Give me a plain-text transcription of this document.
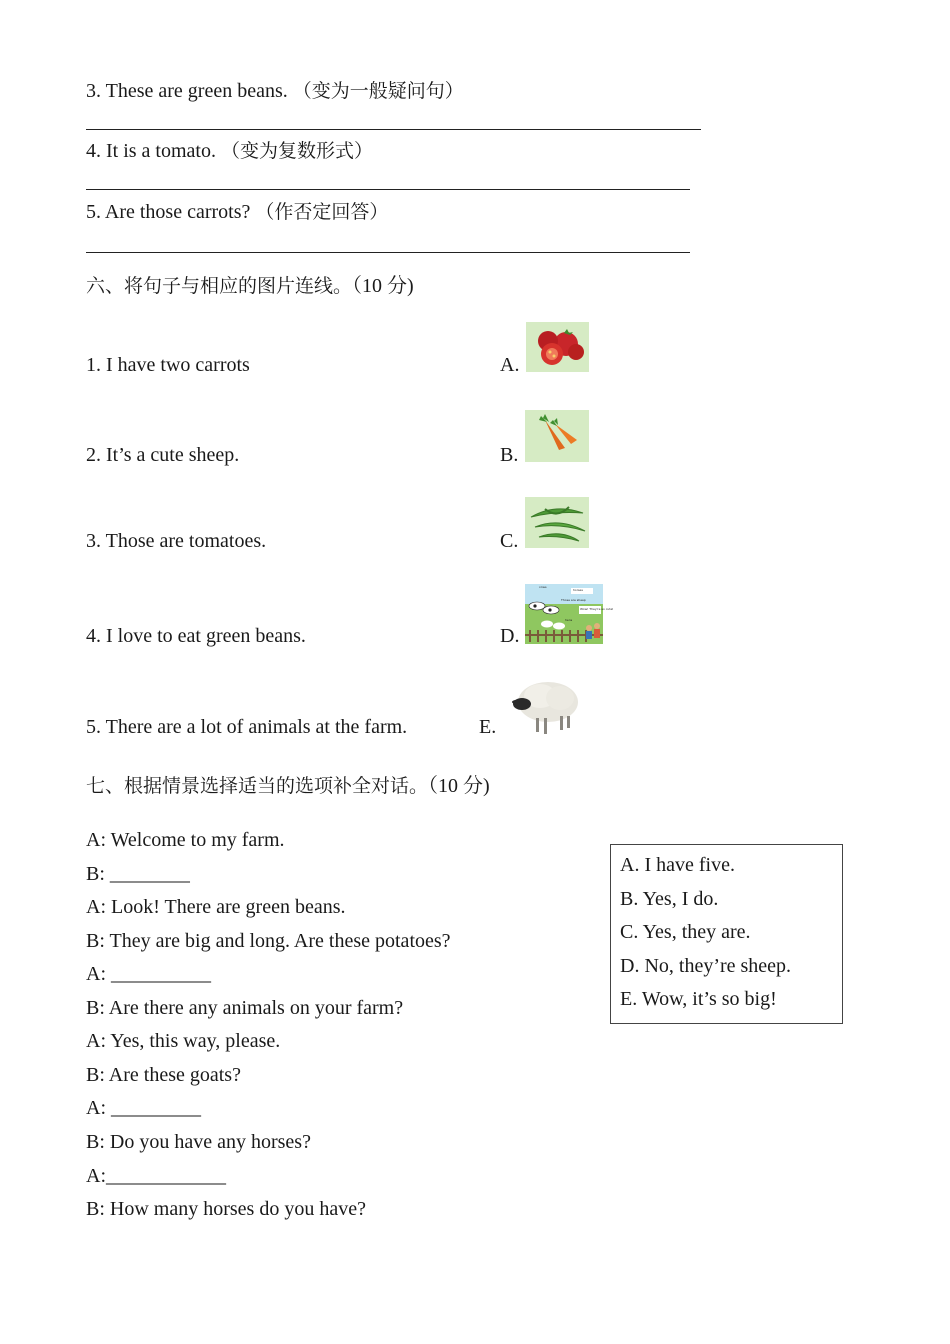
3. These are green beans. （变为一般疑问句）
4. It is a tomato. （变为复数形式）
5. Are those carrots? （作否定回答）
六、将句子与相应的图片连线。（10 分)
1. I have two carrots
2. It’s a cute sheep.
3. Those are tomatoes.
4. I love to eat green beans.
5. There are a lot of animals at the farm.
A.
B.
C.
D.
E.
cows
horses
Those are sheep
Wow! They're so cute!
hens
七、根据情景选择适当的选项补全对话。（10 分)
A: Welcome to my farm.
B: ________
A: Look! There are green beans.
B: They are big and long. Are these potatoes?
A: __________
B: Are there any animals on your farm?
A: Yes, this way, please.
B: Are these goats?
A: _________
B: Do you have any horses?
A:____________
B: How many horses do you have?
A. I have five.
B. Yes, I do.
C. Yes, they are.
D. No, they’re sheep.
E. Wow, it’s so big!
